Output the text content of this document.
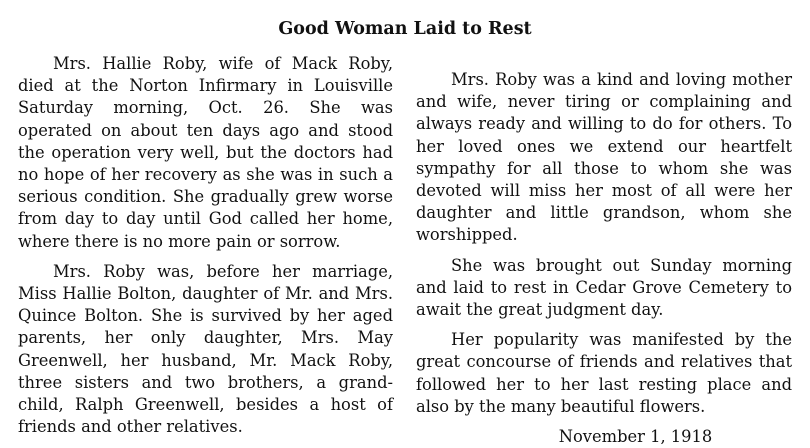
Good Woman Laid to Rest

Mrs. Hallie Roby, wife of Mack Roby, died at the Norton Infirmary in Louisville Saturday morning, Oct. 26. She was operated on about ten days ago and stood the operation very well, but the doctors had no hope of her recovery as she was in such a serious condition. She gradually grew worse from day to day until God called her home, where there is no more pain or sorrow.

Mrs. Roby was, before her marriage, Miss Hallie Bolton, daughter of Mr. and Mrs. Quince Bolton. She is survived by her aged parents, her only daughter, Mrs. May Greenwell, her husband, Mr. Mack Roby, three sisters and two brothers, a grand-child, Ralph Greenwell, besides a host of friends and other relatives.

Mrs. Roby was a kind and loving mother and wife, never tiring or complaining and always ready and willing to do for others. To her loved ones we extend our heartfelt sympathy for all those to whom she was devoted will miss her most of all were her daughter and little grandson, whom she worshipped.

She was brought out Sunday morning and laid to rest in Cedar Grove Cemetery to await the great judgment day.

Her popularity was manifested by the great concourse of friends and relatives that followed her to her last resting place and also by the many beautiful flowers.

November 1, 1918
